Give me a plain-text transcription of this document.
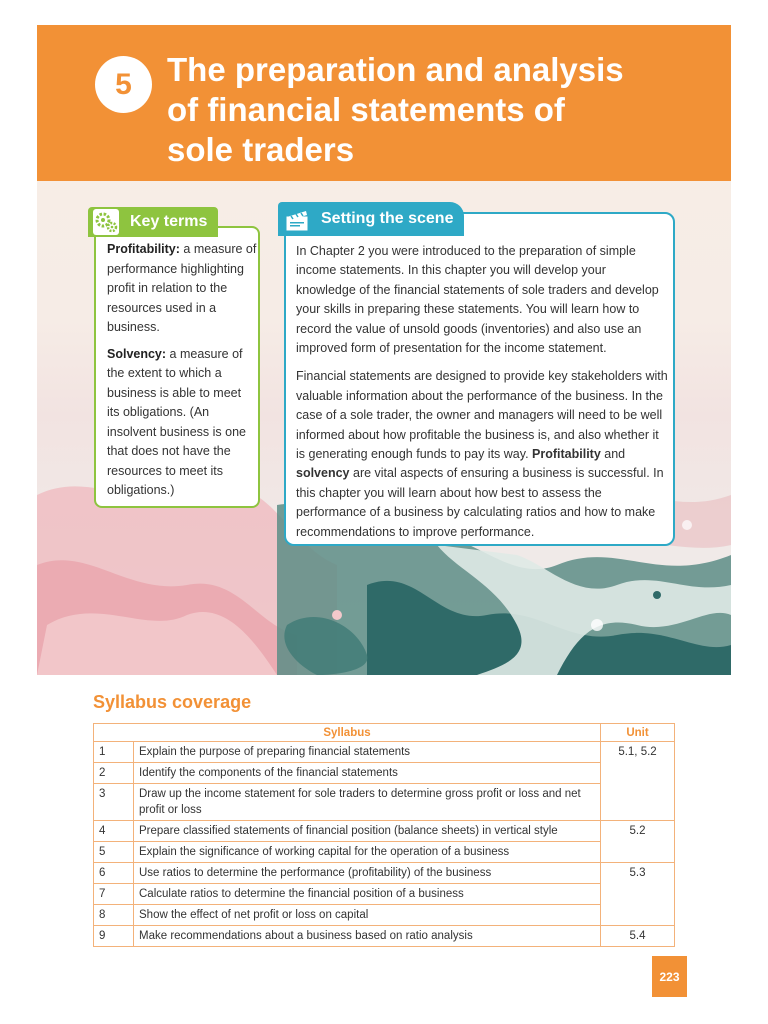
5	The preparation and analysis
of financial statements of
sole traders
Key terms

Profitability: a measure of performance highlighting profit in relation to the resources used in a business.

Solvency: a measure of the extent to which a business is able to meet its obligations. (An insolvent business is one that does not have the resources to meet its obligations.)

Setting the scene

In Chapter 2 you were introduced to the preparation of simple income statements. In this chapter you will develop your knowledge of the financial statements of sole traders and develop your skills in preparing these statements. You will learn how to record the value of unsold goods (inventories) and also use an improved form of presentation for the income statement.

Financial statements are designed to provide key stakeholders with valuable information about the performance of the business. In the case of a sole trader, the owner and managers will need to be well informed about how profitable the business is, and also whether it is generating enough funds to pay its way. Profitability and solvency are vital aspects of ensuring a business is successful. In this chapter you will learn about how best to assess the performance of a business by calculating ratios and how to make recommendations to improve performance.

Syllabus coverage
Syllabus		Unit
1	Explain the purpose of preparing financial statements	5.1, 5.2
2	Identify the components of the financial statements	
3	Draw up the income statement for sole traders to determine gross profit or loss and net profit or loss	
4	Prepare classified statements of financial position (balance sheets) in vertical style	5.2
5	Explain the significance of working capital for the operation of a business	
6	Use ratios to determine the performance (profitability) of the business	5.3
7	Calculate ratios to determine the financial position of a business	
8	Show the effect of net profit or loss on capital	
9	Make recommendations about a business based on ratio analysis	5.4
223
